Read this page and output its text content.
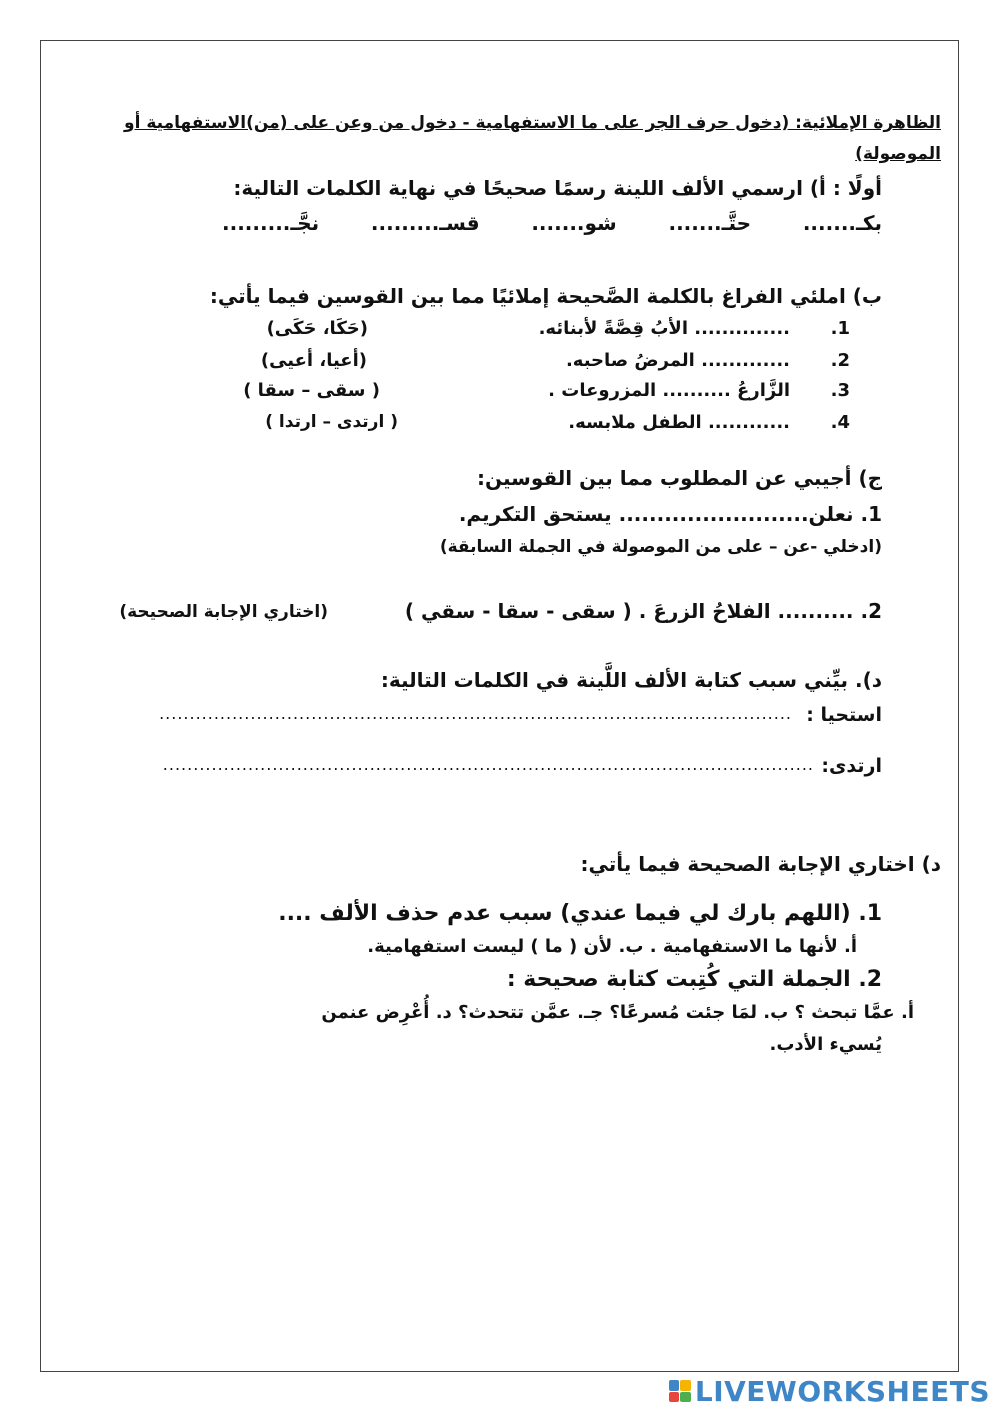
الظاهرة الإملائية: (دخول حرف الجر على ما الاستفهامية - دخول من وعن على (من)الاستفهامية أو
الموصولة)
أولًا : أ) ارسمي الألف اللينة رسمًا صحيحًا في نهاية الكلمات التالية:
بكـ.......
حتَّـ.......
شو.......
قسـ.........
نجَّـ.........
ب) املئي الفراغ بالكلمة الصَّحيحة إملائيًا مما بين القوسين فيما يأتي:
1.
.............. الأبُ قِصَّةً لأبنائه.
(حَكَا، حَكَى)
2.
............. المرضُ صاحبه.
(أعيا، أعيى)
3.
الزَّارعُ .......... المزروعات .
( سقى – سقا )
4.
............ الطفل ملابسه.
( ارتدى – ارتدا )
ج) أجيبي عن المطلوب مما بين القوسين:
1. نعلن......................... يستحق التكريم.
(ادخلي -عن – على من الموصولة في الجملة السابقة)
2. .......... الفلاحُ الزرعَ . ( سقى - سقا - سقي )
(اختاري الإجابة الصحيحة)
د). بيِّني سبب كتابة الألف اللَّينة في الكلمات التالية:
استحيا :
........................................................................................................
ارتدى:
...........................................................................................................
د) اختاري الإجابة الصحيحة فيما يأتي:
1. (اللهم بارك لي فيما عندي) سبب عدم حذف الألف ....
أ. لأنها ما الاستفهامية . ب. لأن ( ما ) ليست استفهامية.
2. الجملة التي كُتِبت كتابة صحيحة :
أ. عمَّا تبحث ؟ ب. لمَا جئت مُسرعًا؟ جـ. عمَّن تتحدث؟ د. أُعْرِض عنمن
يُسيء الأدب.
LIVEWORKSHEETS
